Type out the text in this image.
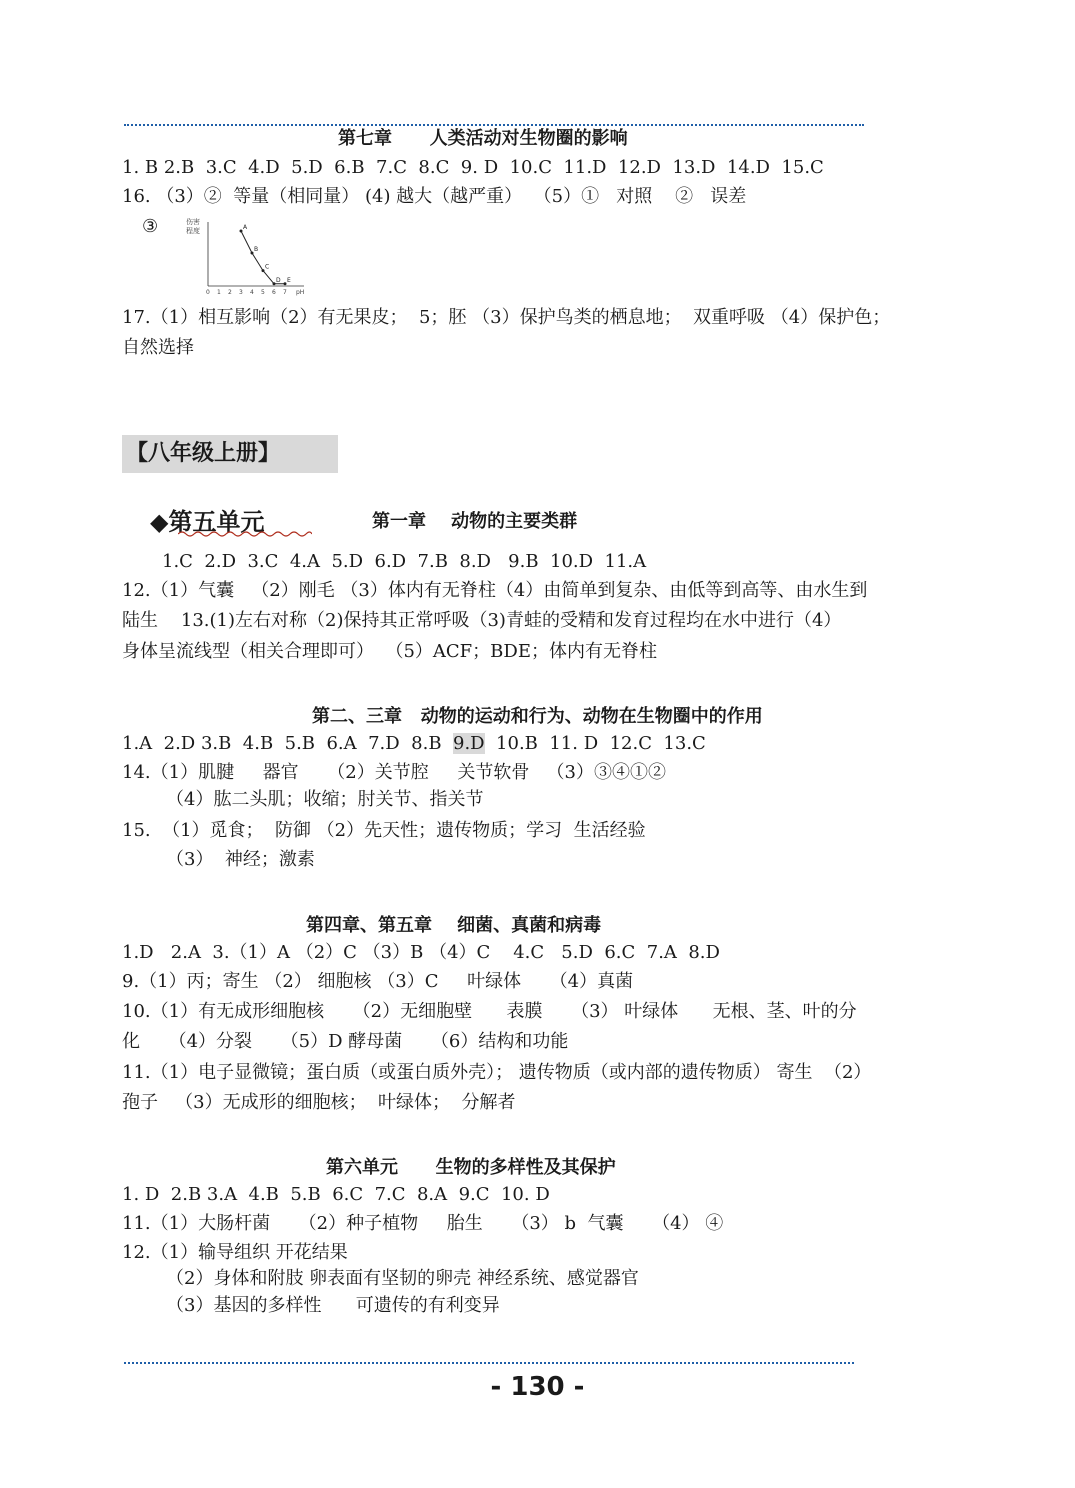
第七章      人类活动对生物圈的影响
1. B 2.B  3.C  4.D  5.D  6.B  7.C  8.C  9. D  10.C  11.D  12.D  13.D  14.D  15.C
16. （3）②  等量（相同量） (4) 越大（越严重）  （5）①   对照    ②   误差
③	伤害
程度
0 1 2 3 4 5 6 7 pH
A
B
C
D E
17.（1）相互影响（2）有无果皮；  5；胚 （3）保护鸟类的栖息地；  双重呼吸 （4）保护色；
自然选择
【八年级上册】
◆第五单元	第一章    动物的主要类群
1.C  2.D  3.C  4.A  5.D  6.D  7.B  8.D   9.B  10.D  11.A
12.（1）气囊   （2）刚毛 （3）体内有无脊柱（4）由简单到复杂、由低等到高等、由水生到
陆生    13.(1)左右对称（2)保持其正常呼吸（3)青蛙的受精和发育过程均在水中进行（4）
身体呈流线型（相关合理即可）  （5）ACF；BDE；体内有无脊柱
第二、三章   动物的运动和行为、动物在生物圈中的作用
1.A  2.D 3.B  4.B  5.B  6.A  7.D  8.B  9.D  10.B  11. D  12.C  13.C
14.（1）肌腱     器官     （2）关节腔     关节软骨   （3）③④①②
（4）肱二头肌；收缩；肘关节、指关节
15.  （1）觅食；  防御 （2）先天性；遗传物质；学习  生活经验
（3）  神经；激素
第四章、第五章    细菌、真菌和病毒
1.D   2.A  3.（1）A （2）C （3）B （4）C    4.C   5.D  6.C  7.A  8.D
9.（1）丙；寄生 （2） 细胞核 （3）C     叶绿体     （4）真菌
10.（1）有无成形细胞核     （2）无细胞壁      表膜     （3） 叶绿体      无根、茎、叶的分
化     （4）分裂     （5）D 酵母菌     （6）结构和功能
11.（1）电子显微镜；蛋白质（或蛋白质外壳）； 遗传物质（或内部的遗传物质） 寄生  （2）
孢子   （3）无成形的细胞核；  叶绿体；  分解者
第六单元      生物的多样性及其保护
1. D  2.B 3.A  4.B  5.B  6.C  7.C  8.A  9.C  10. D
11.（1）大肠杆菌     （2）种子植物     胎生     （3） b  气囊     （4） ④
12.（1）输导组织 开花结果
（2）身体和附肢 卵表面有坚韧的卵壳 神经系统、感觉器官
（3）基因的多样性      可遗传的有利变异
- 130 -
